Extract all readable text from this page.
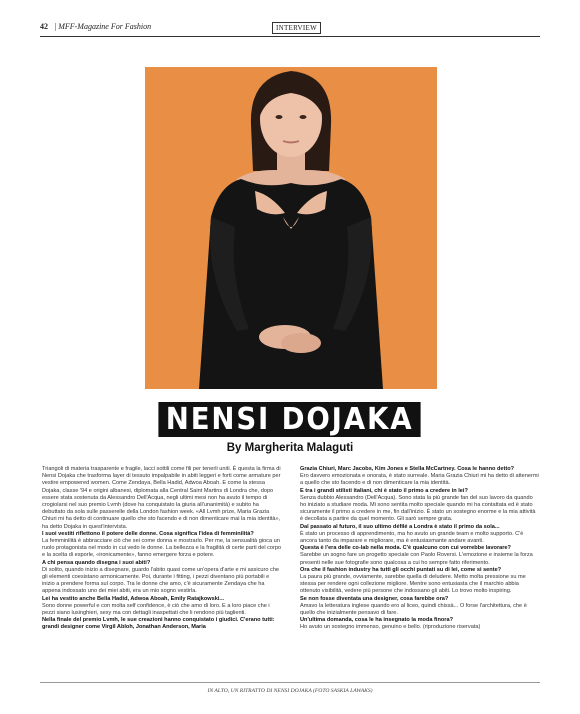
42 | MFF-Magazine For Fashion	INTERVIEW
NENSI DOJAKA
By Margherita Malaguti

Triangoli di materia trasparente e fragile, lacci sottili come fili per tenerli uniti. È questa la firma di Nensi Dojaka che trasforma layer di tessuto impalpabile in abiti leggeri e forti come armature per vestire empowered women. Come Zendaya, Bella Hadid, Adwoa Aboah. E come la stessa Dojaka, classe '94 e origini albanesi, diplomata alla Central Saint Martins di Londra che, dopo essere stata sostenuta da Alessandro Dell'Acqua, negli ultimi mesi non ha avuto il tempo di crogiolarsi nel suo premio Lvmh (dove ha conquistato la giuria all'unanimità) e subito ha debuttato da sola sulle passerelle della London fashion week. «All Lvmh prize, Maria Grazia Chiuri mi ha detto di continuare quello che sto facendo e di non dimenticare mai la mia identità», ha detto Dojaka in quest'intervista.

I suoi vestiti riflettono il potere delle donne. Cosa significa l'idea di femminilità?

La femminilità è abbracciare ciò che sei come donna e mostrarlo. Per me, la sensualità gioca un ruolo protagonista nel modo in cui vedo le donne. La bellezza e la fragilità di certe parti del corpo e la scelta di esporle, «ironicamente», fanno emergere forza e potere.

A chi pensa quando disegna i suoi abiti?

Di solito, quando inizio a disegnare, guardo l'abito quasi come un'opera d'arte e mi assicuro che gli elementi coesistano armonicamente. Poi, durante i fitting, i pezzi diventano più portabili e inizio a prendere forma sul corpo. Tra le donne che amo, c'è sicuramente Zendaya che ha appena indossato uno dei miei abiti, era un mio sogno vestirla.

Lei ha vestito anche Bella Hadid, Adwoa Aboah, Emily Ratajkowski...

Sono donne powerful e con molta self confidence, è ciò che amo di loro. E a loro piace che i pezzi siano lusinghieri, sexy ma con dettagli inaspettati che li rendono più taglienti.

Nella finale del premio Lvmh, le sue creazioni hanno conquistato i giudici. C'erano tutti: grandi designer come Virgil Abloh, Jonathan Anderson, Maria

Grazia Chiuri, Marc Jacobs, Kim Jones e Stella McCartney. Cosa le hanno detto?

Ero davvero emozionata e onorata, è stato surreale. Maria Grazia Chiuri mi ha detto di attenermi a quello che sto facendo e di non dimenticare la mia identità.

E tra i grandi stilisti italiani, chi è stato il primo a credere in lei?

Senza dubbio Alessandro (Dell'Acqua). Sono stata la più grande fan del suo lavoro da quando ho iniziato a studiare moda. Mi sono sentita molto speciale quando mi ha contattata ed è stato sicuramente il primo a credere in me, fin dall'inizio. È stato un sostegno enorme e la mia attività è decollata a partire da quel momento. Gli sarò sempre grata.

Dal passato al futuro, il suo ultimo défilé a Londra è stato il primo da sola...

È stato un processo di apprendimento, ma ho avuto un grande team e molto supporto. C'è ancora tanto da imparare e migliorare, ma è entusiasmante andare avanti.

Questa è l'era delle co-lab nella moda. C'è qualcuno con cui vorrebbe lavorare?

Sarebbe un sogno fare un progetto speciale con Paolo Roversi. L'emozione e insieme la forza presenti nelle sue fotografie sono qualcosa a cui ho sempre fatto riferimento.

Ora che il fashion industry ha tutti gli occhi puntati su di lei, come si sente?

La paura più grande, ovviamente, sarebbe quella di deludere. Metto molta pressione su me stessa per rendere ogni collezione migliore. Mentre sono entusiasta che il marchio abbia ottenuto visibilità, vedere più persone che indossano gli abiti. Lo trovo molto inspiring.

Se non fosse diventata una designer, cosa farebbe ora?

Amavo la letteratura inglese quando ero al liceo, quindi chissà... O forse l'architettura, che è quello che inizialmente pensavo di fare.

Un'ultima domanda, cosa le ha insegnato la moda finora?

Ho avuto un sostegno immenso, genuino e bello. (riproduzione riservata)

IN ALTO, UN RITRATTO DI NENSI DOJAKA (FOTO SASKIA LAWAKS)
